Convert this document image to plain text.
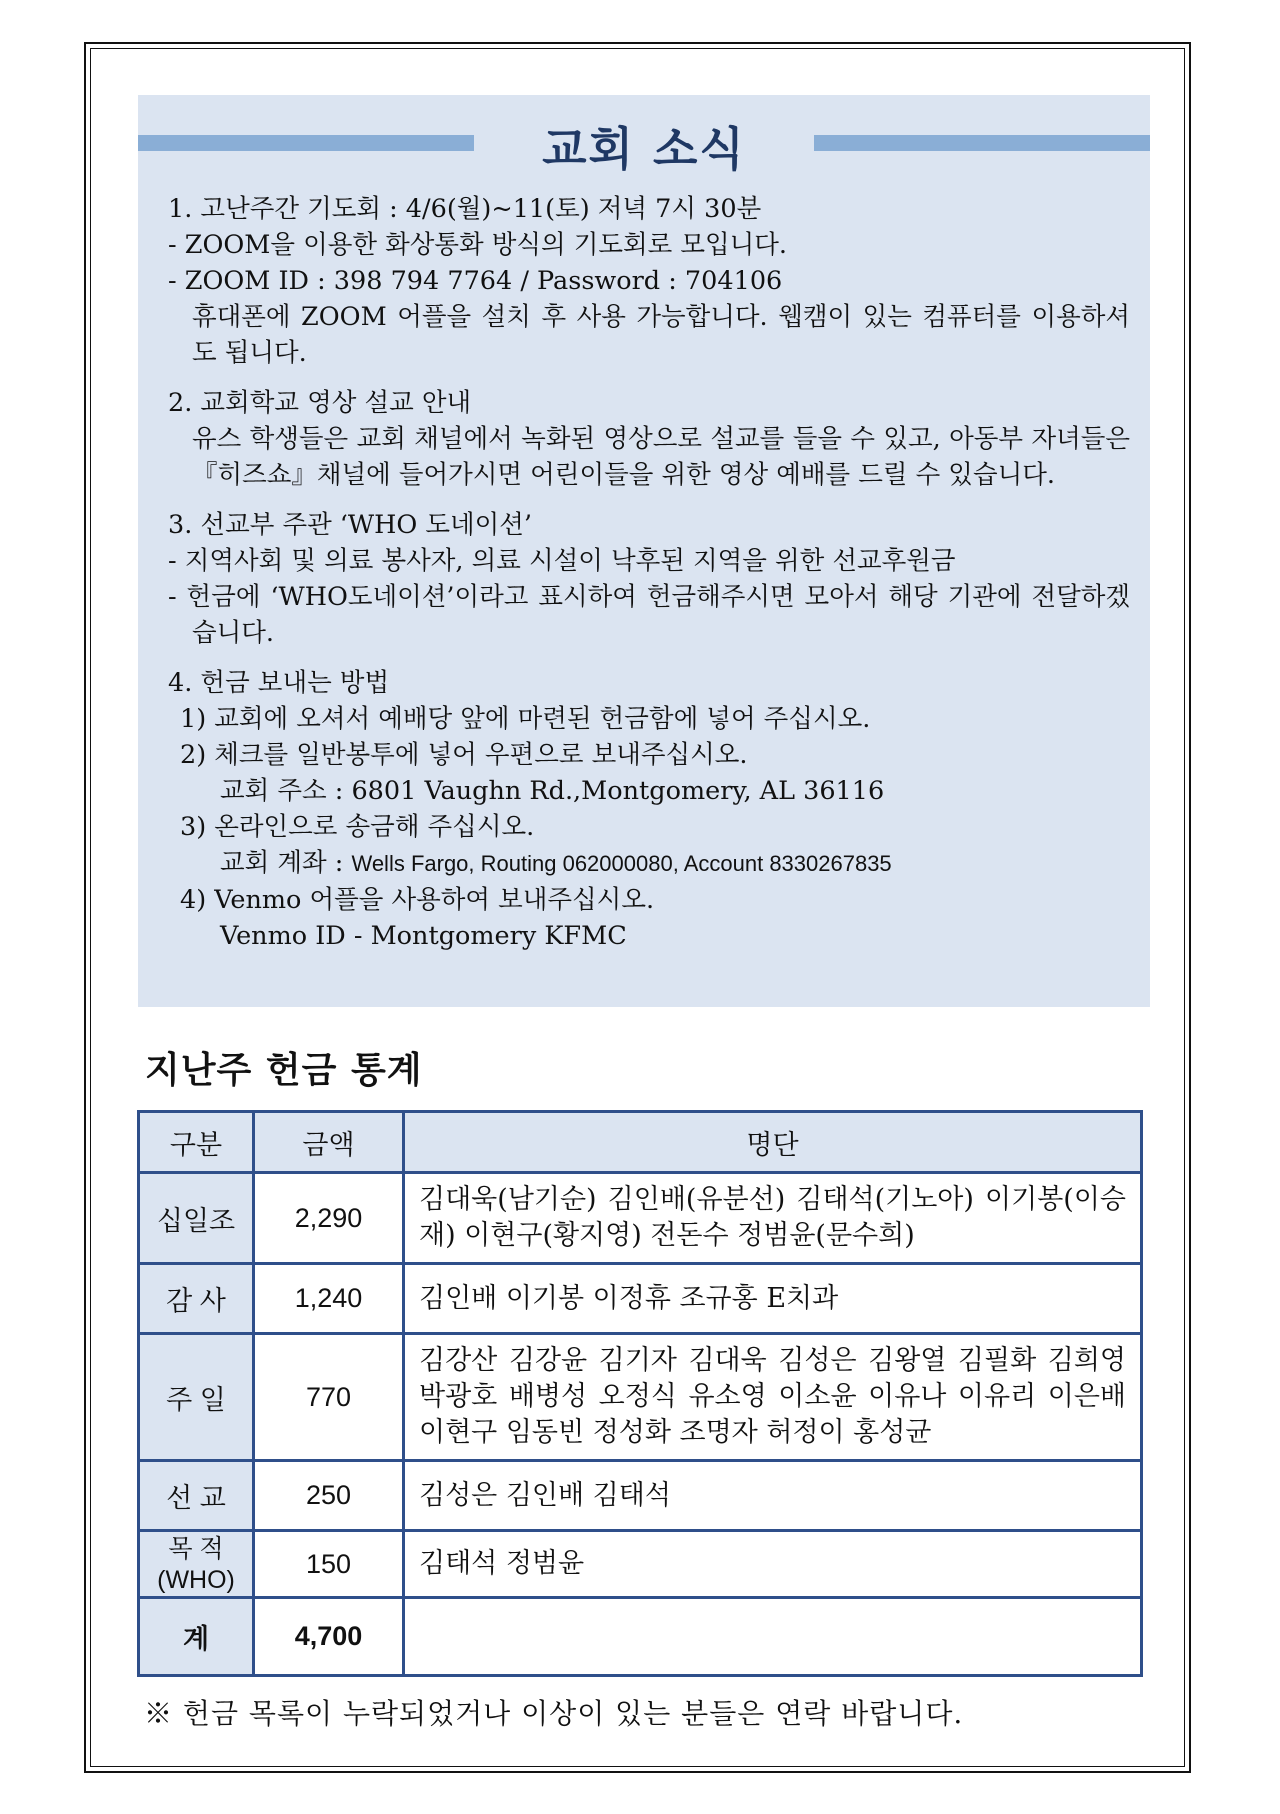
교회 소식
1. 고난주간 기도회 : 4/6(월)~11(토) 저녁 7시 30분
- ZOOM을 이용한 화상통화 방식의 기도회로 모입니다.
- ZOOM ID : 398 794 7764 / Password : 704106
휴대폰에 ZOOM 어플을 설치 후 사용 가능합니다. 웹캠이 있는 컴퓨터를 이용하셔도 됩니다.
2. 교회학교 영상 설교 안내
유스 학생들은 교회 채널에서 녹화된 영상으로 설교를 들을 수 있고, 아동부 자녀들은『히즈쇼』채널에 들어가시면 어린이들을 위한 영상 예배를 드릴 수 있습니다.
3. 선교부 주관 ‘WHO 도네이션’
- 지역사회 및 의료 봉사자, 의료 시설이 낙후된 지역을 위한 선교후원금
- 헌금에 ‘WHO도네이션’이라고 표시하여 헌금해주시면 모아서 해당 기관에 전달하겠습니다.
4. 헌금 보내는 방법
1) 교회에 오셔서 예배당 앞에 마련된 헌금함에 넣어 주십시오.
2) 체크를 일반봉투에 넣어 우편으로 보내주십시오.
교회 주소 : 6801 Vaughn Rd.,Montgomery, AL 36116
3) 온라인으로 송금해 주십시오.
교회 계좌 : Wells Fargo, Routing 062000080, Account 8330267835
4) Venmo 어플을 사용하여 보내주십시오.
Venmo ID - Montgomery KFMC
지난주 헌금 통계
구분	금액	명단
십일조	2,290	김대욱(남기순) 김인배(유분선) 김태석(기노아) 이기봉(이승재) 이현구(황지영) 전돈수 정범윤(문수희)
감 사	1,240	김인배 이기봉 이정휴 조규홍 E치과
주 일	770	김강산 김강윤 김기자 김대욱 김성은 김왕열 김필화 김희영 박광호 배병성 오정식 유소영 이소윤 이유나 이유리 이은배 이현구 임동빈 정성화 조명자 허정이 홍성균
선 교	250	김성은 김인배 김태석
목 적
(WHO)	150	김태석 정범윤
계	4,700	
※ 헌금 목록이 누락되었거나 이상이 있는 분들은 연락 바랍니다.
